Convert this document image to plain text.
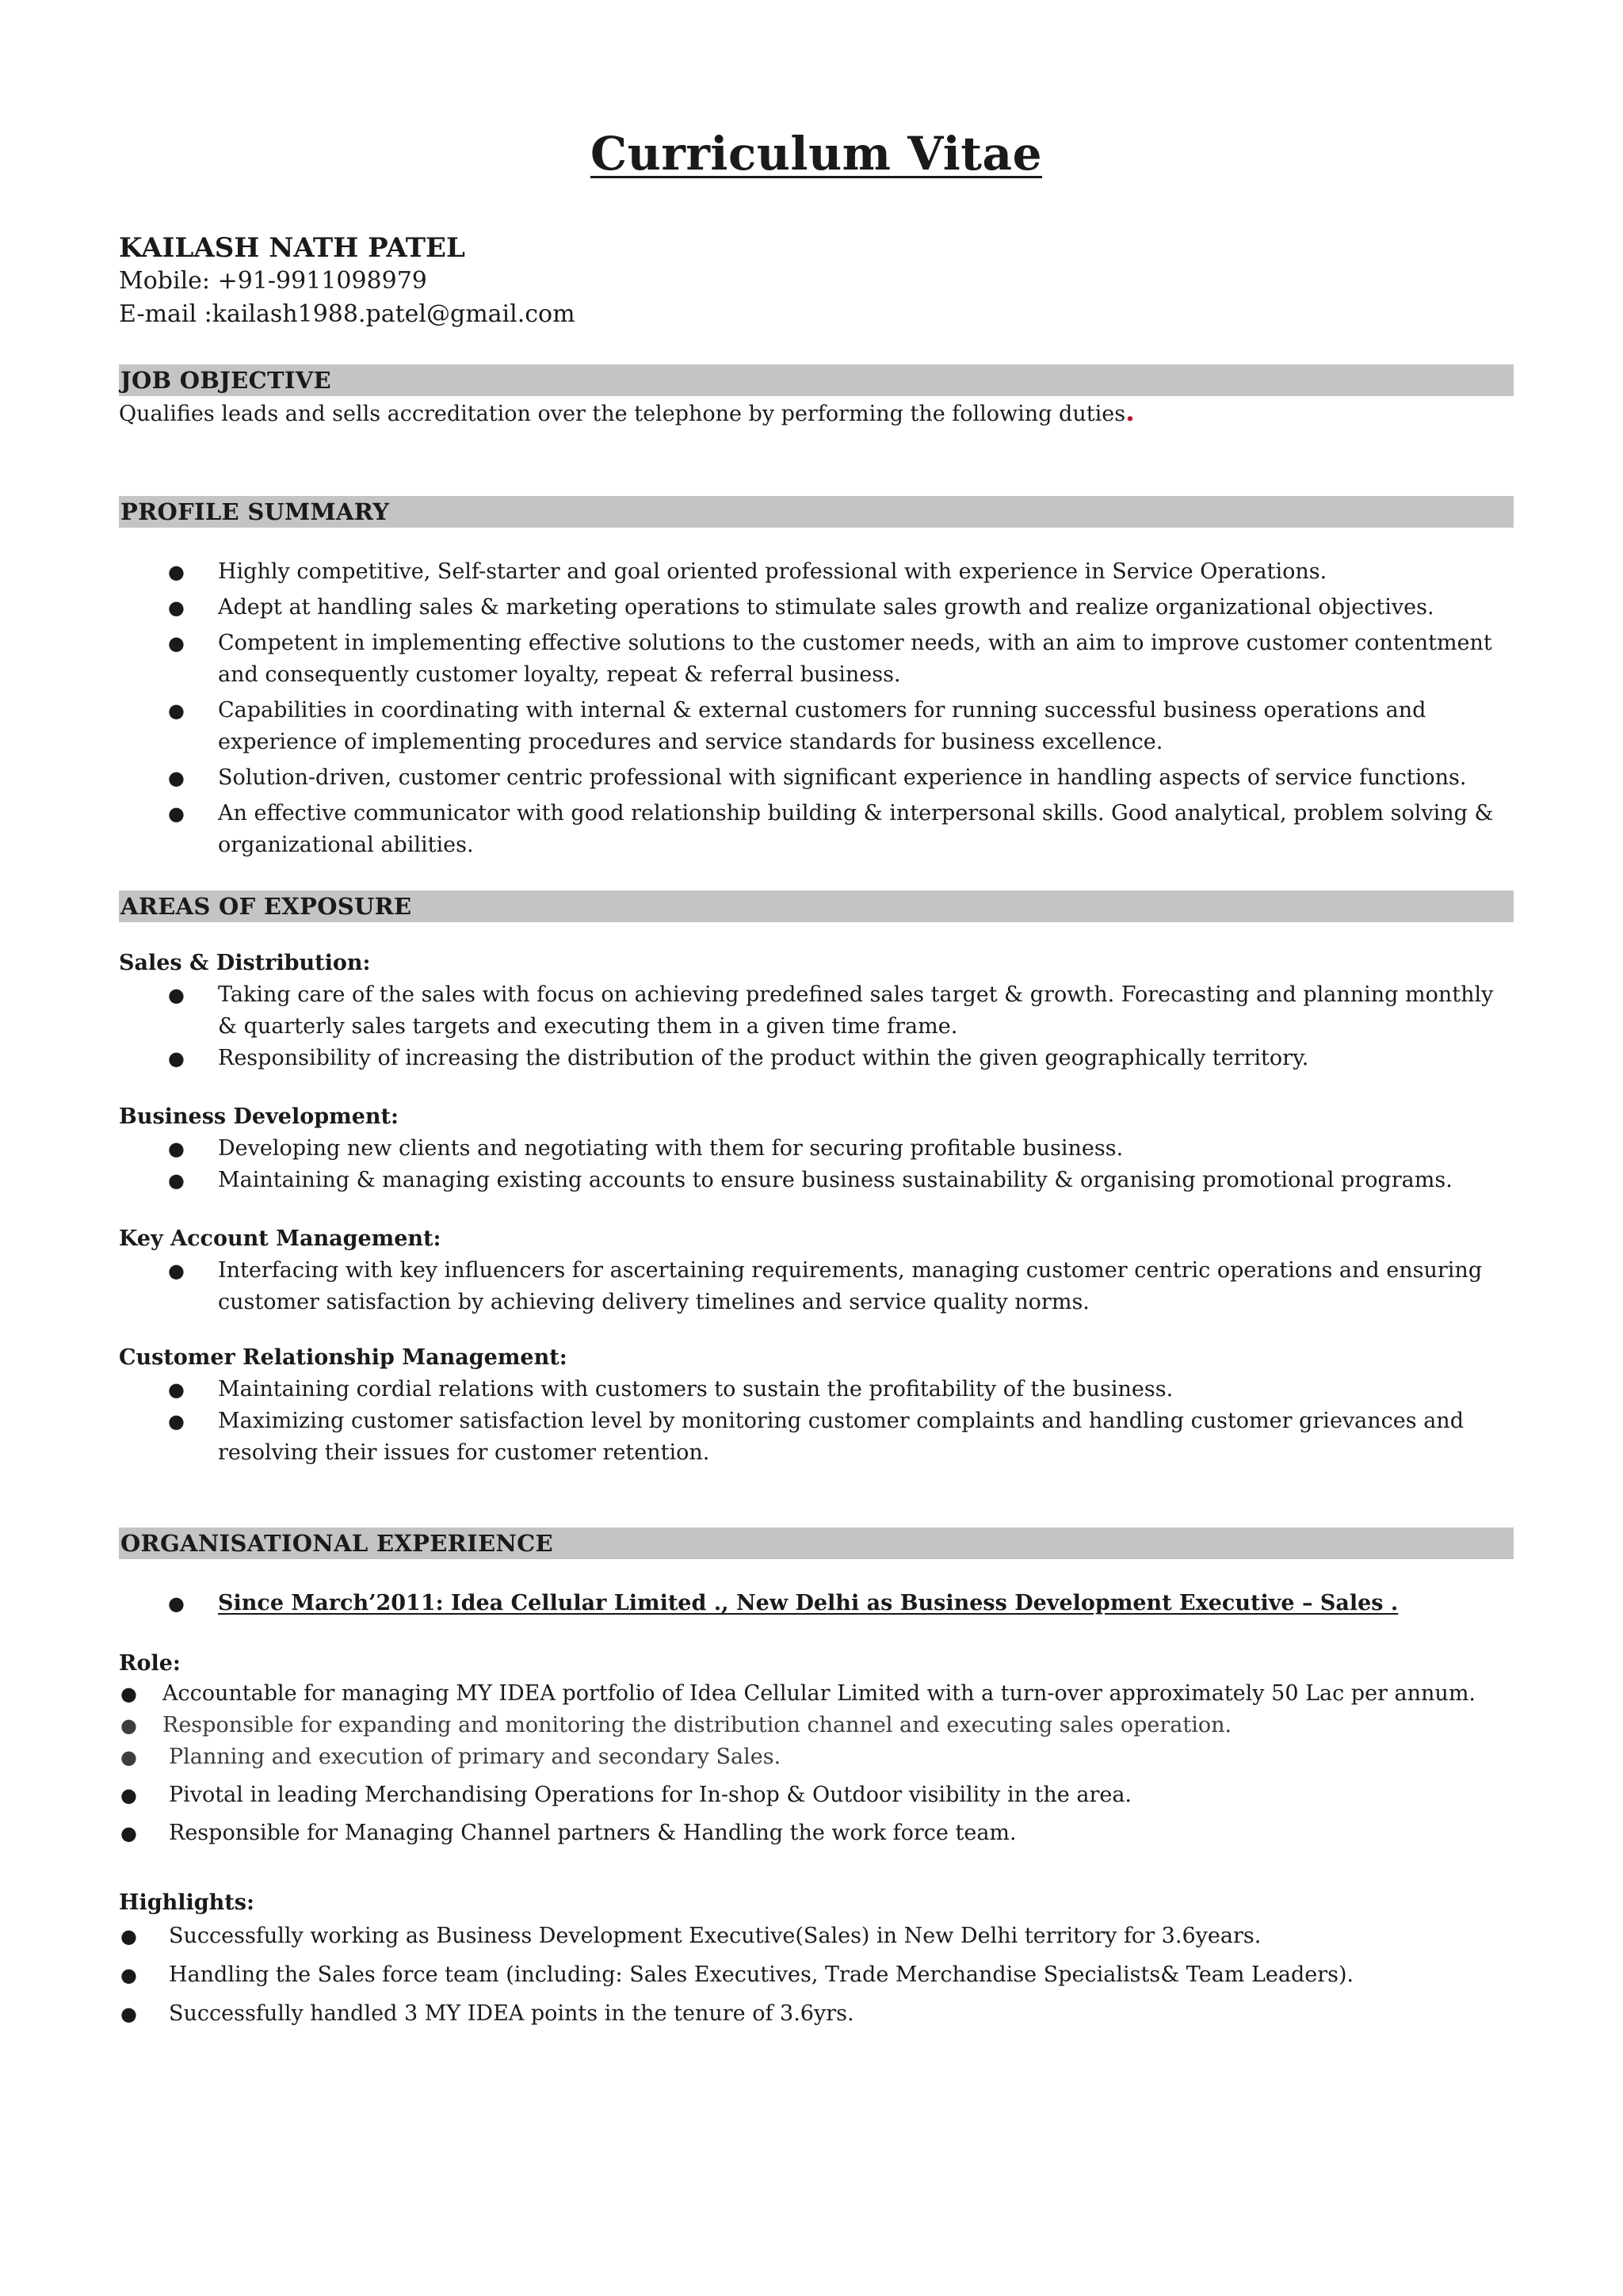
Curriculum Vitae
KAILASH NATH PATEL
Mobile: +91-9911098979
E-mail :kailash1988.patel@gmail.com
JOB OBJECTIVE
Qualifies leads and sells accreditation over the telephone by performing the following duties.
PROFILE SUMMARY
● Highly competitive, Self-starter and goal oriented professional with experience in Service Operations.
● Adept at handling sales & marketing operations to stimulate sales growth and realize organizational objectives.
● Competent in implementing effective solutions to the customer needs, with an aim to improve customer contentment and consequently customer loyalty, repeat & referral business.
● Capabilities in coordinating with internal & external customers for running successful business operations and experience of implementing procedures and service standards for business excellence.
● Solution-driven, customer centric professional with significant experience in handling aspects of service functions.
● An effective communicator with good relationship building & interpersonal skills. Good analytical, problem solving & organizational abilities.
AREAS OF EXPOSURE
Sales & Distribution:
● Taking care of the sales with focus on achieving predefined sales target & growth. Forecasting and planning monthly & quarterly sales targets and executing them in a given time frame.
● Responsibility of increasing the distribution of the product within the given geographically territory.
Business Development:
● Developing new clients and negotiating with them for securing profitable business.
● Maintaining & managing existing accounts to ensure business sustainability & organising promotional programs.
Key Account Management:
● Interfacing with key influencers for ascertaining requirements, managing customer centric operations and ensuring customer satisfaction by achieving delivery timelines and service quality norms.
Customer Relationship Management:
● Maintaining cordial relations with customers to sustain the profitability of the business.
● Maximizing customer satisfaction level by monitoring customer complaints and handling customer grievances and resolving their issues for customer retention.
ORGANISATIONAL EXPERIENCE
● Since March’2011: Idea Cellular Limited ., New Delhi as Business Development Executive – Sales .
Role:
● Accountable for managing MY IDEA portfolio of Idea Cellular Limited with a turn-over approximately 50 Lac per annum.
● Responsible for expanding and monitoring the distribution channel and executing sales operation.
● Planning and execution of primary and secondary Sales.
● Pivotal in leading Merchandising Operations for In-shop & Outdoor visibility in the area.
● Responsible for Managing Channel partners & Handling the work force team.
Highlights:
● Successfully working as Business Development Executive(Sales) in New Delhi territory for 3.6years.
● Handling the Sales force team (including: Sales Executives, Trade Merchandise Specialists& Team Leaders).
● Successfully handled 3 MY IDEA points in the tenure of 3.6yrs.
